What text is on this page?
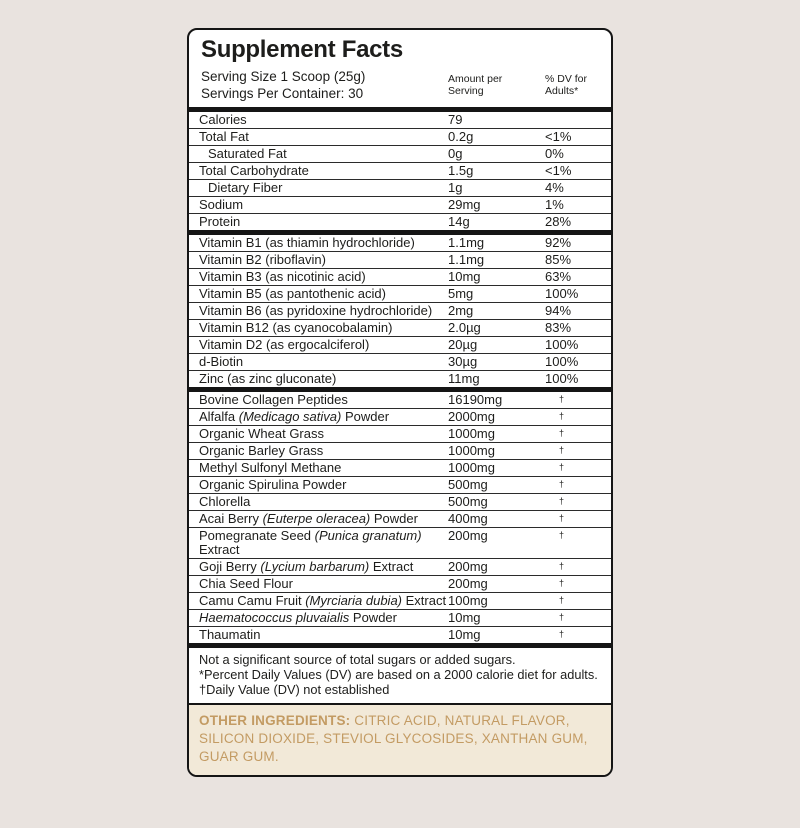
Supplement Facts
Serving Size 1 Scoop (25g)
Servings Per Container: 30
Amount per
Serving
% DV for
Adults*
Calories	79
Total Fat	0.2g	<1%
Saturated Fat	0g	0%
Total Carbohydrate	1.5g	<1%
Dietary Fiber	1g	4%
Sodium	29mg	1%
Protein	14g	28%
Vitamin B1 (as thiamin hydrochloride)	1.1mg	92%
Vitamin B2 (riboflavin)	1.1mg	85%
Vitamin B3 (as nicotinic acid)	10mg	63%
Vitamin B5 (as pantothenic acid)	5mg	100%
Vitamin B6 (as pyridoxine hydrochloride)	2mg	94%
Vitamin B12 (as cyanocobalamin)	2.0µg	83%
Vitamin D2 (as ergocalciferol)	20µg	100%
d-Biotin	30µg	100%
Zinc (as zinc gluconate)	11mg	100%
Bovine Collagen Peptides	16190mg	†
Alfalfa (Medicago sativa) Powder	2000mg	†
Organic Wheat Grass	1000mg	†
Organic Barley Grass	1000mg	†
Methyl Sulfonyl Methane	1000mg	†
Organic Spirulina Powder	500mg	†
Chlorella	500mg	†
Acai Berry (Euterpe oleracea) Powder	400mg	†
Pomegranate Seed (Punica granatum) Extract
200mg	†
Goji Berry (Lycium barbarum) Extract	200mg	†
Chia Seed Flour	200mg	†
Camu Camu Fruit (Myrciaria dubia) Extract 100mg	†
Haematococcus pluvaialis Powder	10mg	†
Thaumatin	10mg	†
Not a significant source of total sugars or added sugars.
*Percent Daily Values (DV) are based on a 2000 calorie diet for adults.
†Daily Value (DV) not established

OTHER INGREDIENTS: CITRIC ACID, NATURAL FLAVOR, SILICON DIOXIDE, STEVIOL GLYCOSIDES, XANTHAN GUM, GUAR GUM.
